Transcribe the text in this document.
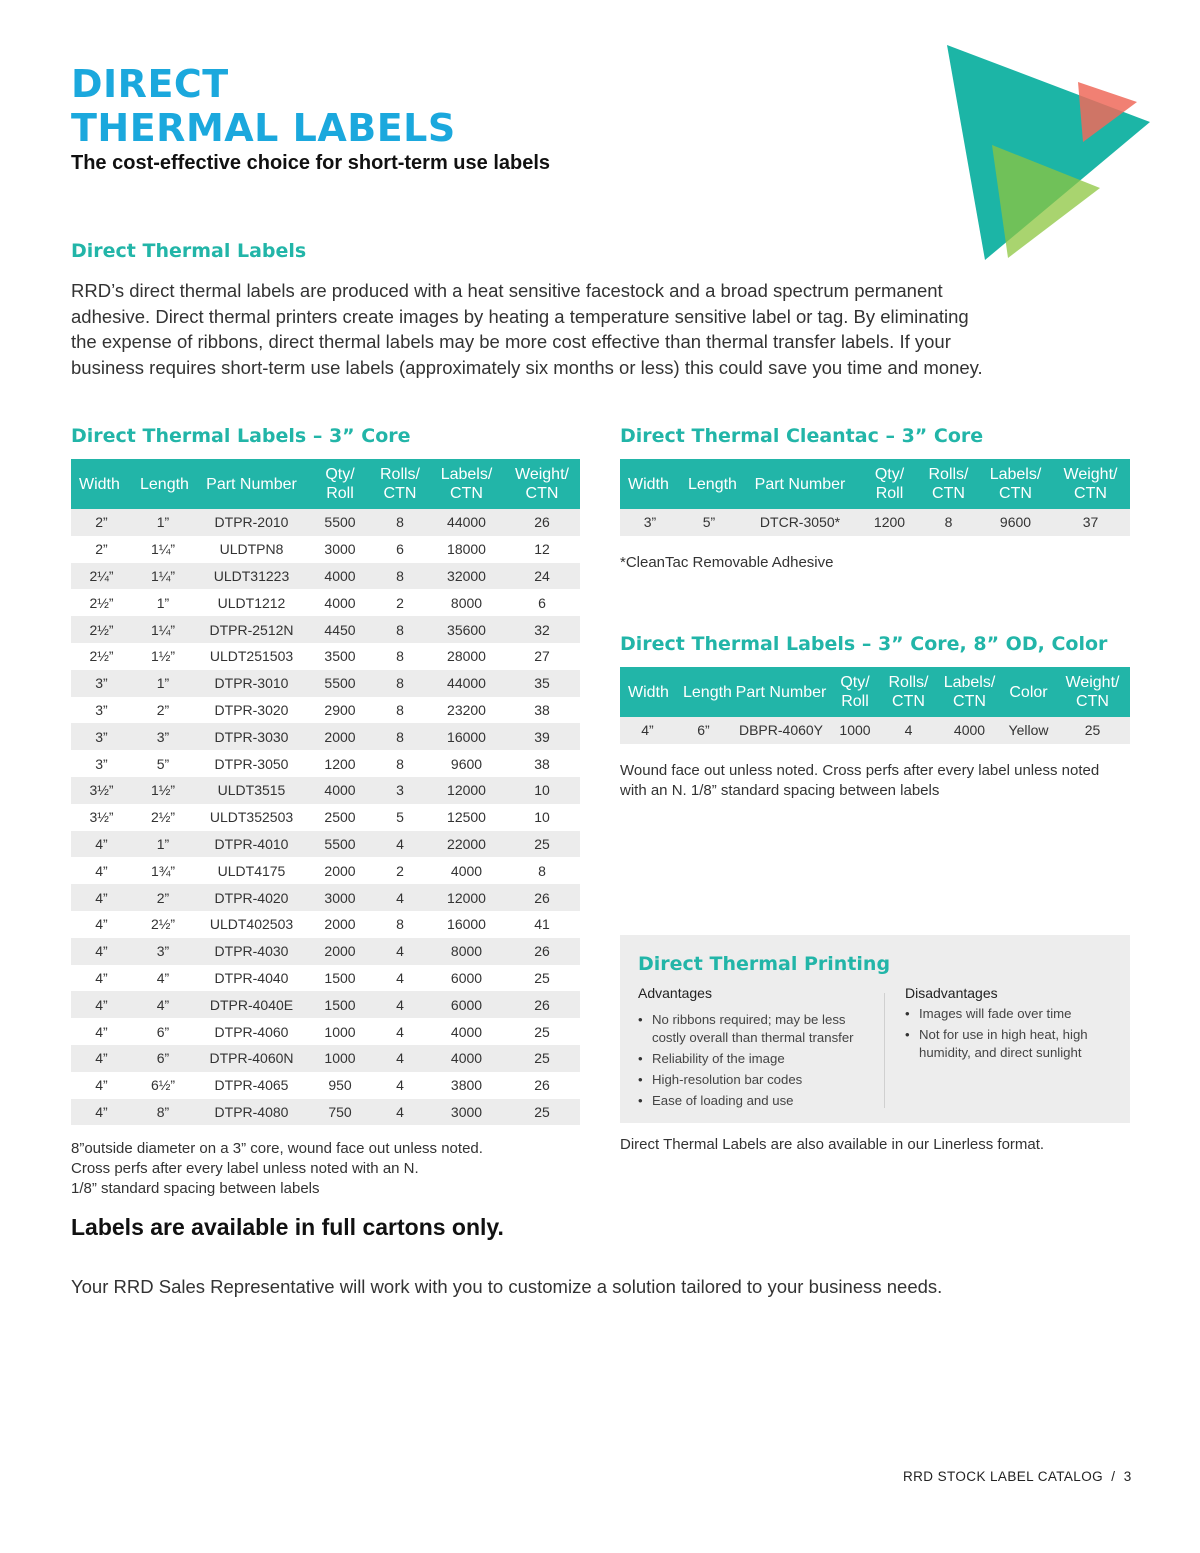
DIRECT
THERMAL LABELS
The cost-effective choice for short-term use labels
Direct Thermal Labels

RRD’s direct thermal labels are produced with a heat sensitive facestock and a broad spectrum permanent adhesive. Direct thermal printers create images by heating a temperature sensitive label or tag. By eliminating the expense of ribbons, direct thermal labels may be more cost effective than thermal transfer labels. If your business requires short-term use labels (approximately six months or less) this could save you time and money.

Direct Thermal Labels – 3” Core
Width	Length	Part Number	Qty/ Roll	Rolls/ CTN	Labels/ CTN	Weight/ CTN
2”	1”	DTPR-2010	5500	8	44000	26
2”	1¼”	ULDTPN8	3000	6	18000	12
2¼”	1¼”	ULDT31223	4000	8	32000	24
2½”	1”	ULDT1212	4000	2	8000	6
2½”	1¼”	DTPR-2512N	4450	8	35600	32
2½”	1½”	ULDT251503	3500	8	28000	27
3”	1”	DTPR-3010	5500	8	44000	35
3”	2”	DTPR-3020	2900	8	23200	38
3”	3”	DTPR-3030	2000	8	16000	39
3”	5”	DTPR-3050	1200	8	9600	38
3½”	1½”	ULDT3515	4000	3	12000	10
3½”	2½”	ULDT352503	2500	5	12500	10
4”	1”	DTPR-4010	5500	4	22000	25
4”	1¾”	ULDT4175	2000	2	4000	8
4”	2”	DTPR-4020	3000	4	12000	26
4”	2½”	ULDT402503	2000	8	16000	41
4”	3”	DTPR-4030	2000	4	8000	26
4”	4”	DTPR-4040	1500	4	6000	25
4”	4”	DTPR-4040E	1500	4	6000	26
4”	6”	DTPR-4060	1000	4	4000	25
4”	6”	DTPR-4060N	1000	4	4000	25
4”	6½”	DTPR-4065	950	4	3800	26
4”	8”	DTPR-4080	750	4	3000	25

8”outside diameter on a 3” core, wound face out unless noted.

Cross perfs after every label unless noted with an N.

1/8” standard spacing between labels

Direct Thermal Cleantac – 3” Core
Width	Length	Part Number	Qty/ Roll	Rolls/ CTN	Labels/ CTN	Weight/ CTN
3”	5”	DTCR-3050*	1200	8	9600	37

*CleanTac Removable Adhesive

Direct Thermal Labels – 3” Core, 8” OD, Color
Width	Length	Part Number	Qty/ Roll	Rolls/ CTN	Labels/ CTN	Color	Weight/ CTN
4”	6”	DBPR-4060Y	1000	4	4000	Yellow	25

Wound face out unless noted. Cross perfs after every label unless noted

with an N. 1/8” standard spacing between labels

Direct Thermal Printing
Advantages
• No ribbons required; may be less costly overall than thermal transfer
• Reliability of the image
• High-resolution bar codes
• Ease of loading and use
Disadvantages
• Images will fade over time
• Not for use in high heat, high humidity, and direct sunlight

Direct Thermal Labels are also available in our Linerless format.

Labels are available in full cartons only.
Your RRD Sales Representative will work with you to customize a solution tailored to your business needs.
RRD STOCK LABEL CATALOG  /  3
